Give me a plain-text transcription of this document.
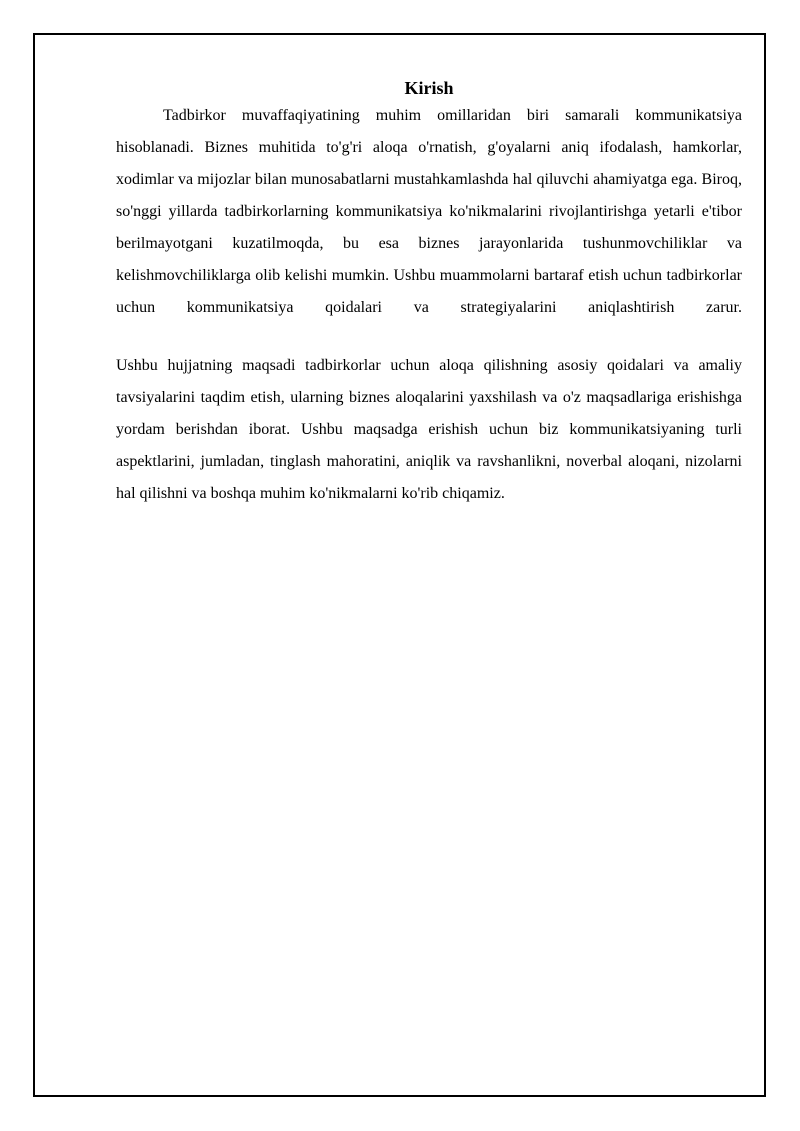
Kirish

Tadbirkor muvaffaqiyatining muhim omillaridan biri samarali kommunikatsiya hisoblanadi. Biznes muhitida to'g'ri aloqa o'rnatish, g'oyalarni aniq ifodalash, hamkorlar, xodimlar va mijozlar bilan munosabatlarni mustahkamlashda hal qiluvchi ahamiyatga ega. Biroq, so'nggi yillarda tadbirkorlarning kommunikatsiya ko'nikmalarini rivojlantirishga yetarli e'tibor berilmayotgani kuzatilmoqda, bu esa biznes jarayonlarida tushunmovchiliklar va kelishmovchiliklarga olib kelishi mumkin. Ushbu muammolarni bartaraf etish uchun tadbirkorlar uchun kommunikatsiya qoidalari va strategiyalarini aniqlashtirish zarur.

Ushbu hujjatning maqsadi tadbirkorlar uchun aloqa qilishning asosiy qoidalari va amaliy tavsiyalarini taqdim etish, ularning biznes aloqalarini yaxshilash va o'z maqsadlariga erishishga yordam berishdan iborat. Ushbu maqsadga erishish uchun biz kommunikatsiyaning turli aspektlarini, jumladan, tinglash mahoratini, aniqlik va ravshanlikni, noverbal aloqani, nizolarni hal qilishni va boshqa muhim ko'nikmalarni ko'rib chiqamiz.
